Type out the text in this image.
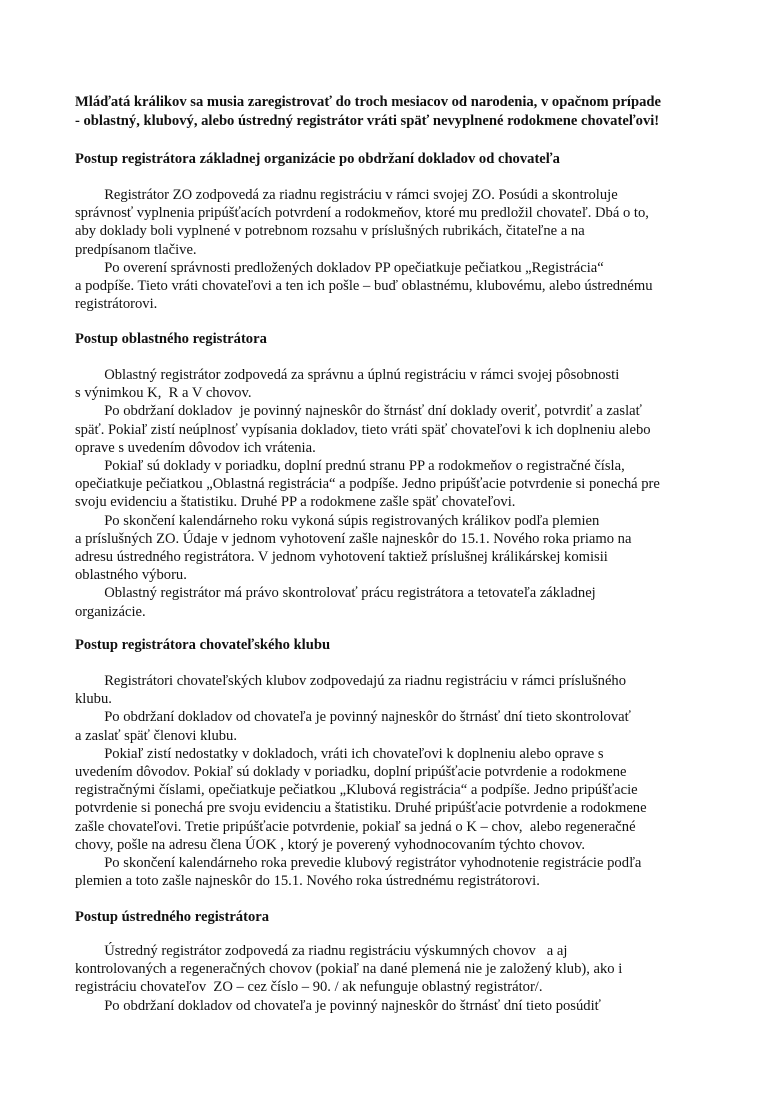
Mláďatá králikov sa musia zaregistrovať do troch mesiacov od narodenia, v opačnom prípade
- oblastný, klubový, alebo ústredný registrátor vráti späť nevyplnené rodokmene chovateľovi!
Postup registrátora základnej organizácie po obdržaní dokladov od chovateľa
Registrátor ZO zodpovedá za riadnu registráciu v rámci svojej ZO. Posúdi a skontroluje
správnosť vyplnenia pripúšťacích potvrdení a rodokmeňov, ktoré mu predložil chovateľ. Dbá o to,
aby doklady boli vyplnené v potrebnom rozsahu v príslušných rubrikách, čitateľne a na
predpísanom tlačive.
Po overení správnosti predložených dokladov PP opečiatkuje pečiatkou „Registrácia“
a podpíše. Tieto vráti chovateľovi a ten ich pošle – buď oblastnému, klubovému, alebo ústrednému
registrátorovi.
Postup oblastného registrátora
Oblastný registrátor zodpovedá za správnu a úplnú registráciu v rámci svojej pôsobnosti
s výnimkou K,  R a V chovov.
Po obdržaní dokladov  je povinný najneskôr do štrnásť dní doklady overiť, potvrdiť a zaslať
späť. Pokiaľ zistí neúplnosť vypísania dokladov, tieto vráti späť chovateľovi k ich doplneniu alebo
oprave s uvedením dôvodov ich vrátenia.
Pokiaľ sú doklady v poriadku, doplní prednú stranu PP a rodokmeňov o registračné čísla,
opečiatkuje pečiatkou „Oblastná registrácia“ a podpíše. Jedno pripúšťacie potvrdenie si ponechá pre
svoju evidenciu a štatistiku. Druhé PP a rodokmene zašle späť chovateľovi.
Po skončení kalendárneho roku vykoná súpis registrovaných králikov podľa plemien
a príslušných ZO. Údaje v jednom vyhotovení zašle najneskôr do 15.1. Nového roka priamo na
adresu ústredného registrátora. V jednom vyhotovení taktiež príslušnej králikárskej komisii
oblastného výboru.
Oblastný registrátor má právo skontrolovať prácu registrátora a tetovateľa základnej
organizácie.
Postup registrátora chovateľského klubu
Registrátori chovateľských klubov zodpovedajú za riadnu registráciu v rámci príslušného
klubu.
Po obdržaní dokladov od chovateľa je povinný najneskôr do štrnásť dní tieto skontrolovať
a zaslať späť členovi klubu.
Pokiaľ zistí nedostatky v dokladoch, vráti ich chovateľovi k doplneniu alebo oprave s
uvedením dôvodov. Pokiaľ sú doklady v poriadku, doplní pripúšťacie potvrdenie a rodokmene
registračnými číslami, opečiatkuje pečiatkou „Klubová registrácia“ a podpíše. Jedno pripúšťacie
potvrdenie si ponechá pre svoju evidenciu a štatistiku. Druhé pripúšťacie potvrdenie a rodokmene
zašle chovateľovi. Tretie pripúšťacie potvrdenie, pokiaľ sa jedná o K – chov,  alebo regeneračné
chovy, pošle na adresu člena ÚOK , ktorý je poverený vyhodnocovaním týchto chovov.
Po skončení kalendárneho roka prevedie klubový registrátor vyhodnotenie registrácie podľa
plemien a toto zašle najneskôr do 15.1. Nového roka ústrednému registrátorovi.
Postup ústredného registrátora
Ústredný registrátor zodpovedá za riadnu registráciu výskumných chovov   a aj
kontrolovaných a regeneračných chovov (pokiaľ na dané plemená nie je založený klub), ako i
registráciu chovateľov  ZO – cez číslo – 90. / ak nefunguje oblastný registrátor/.
Po obdržaní dokladov od chovateľa je povinný najneskôr do štrnásť dní tieto posúdiť
